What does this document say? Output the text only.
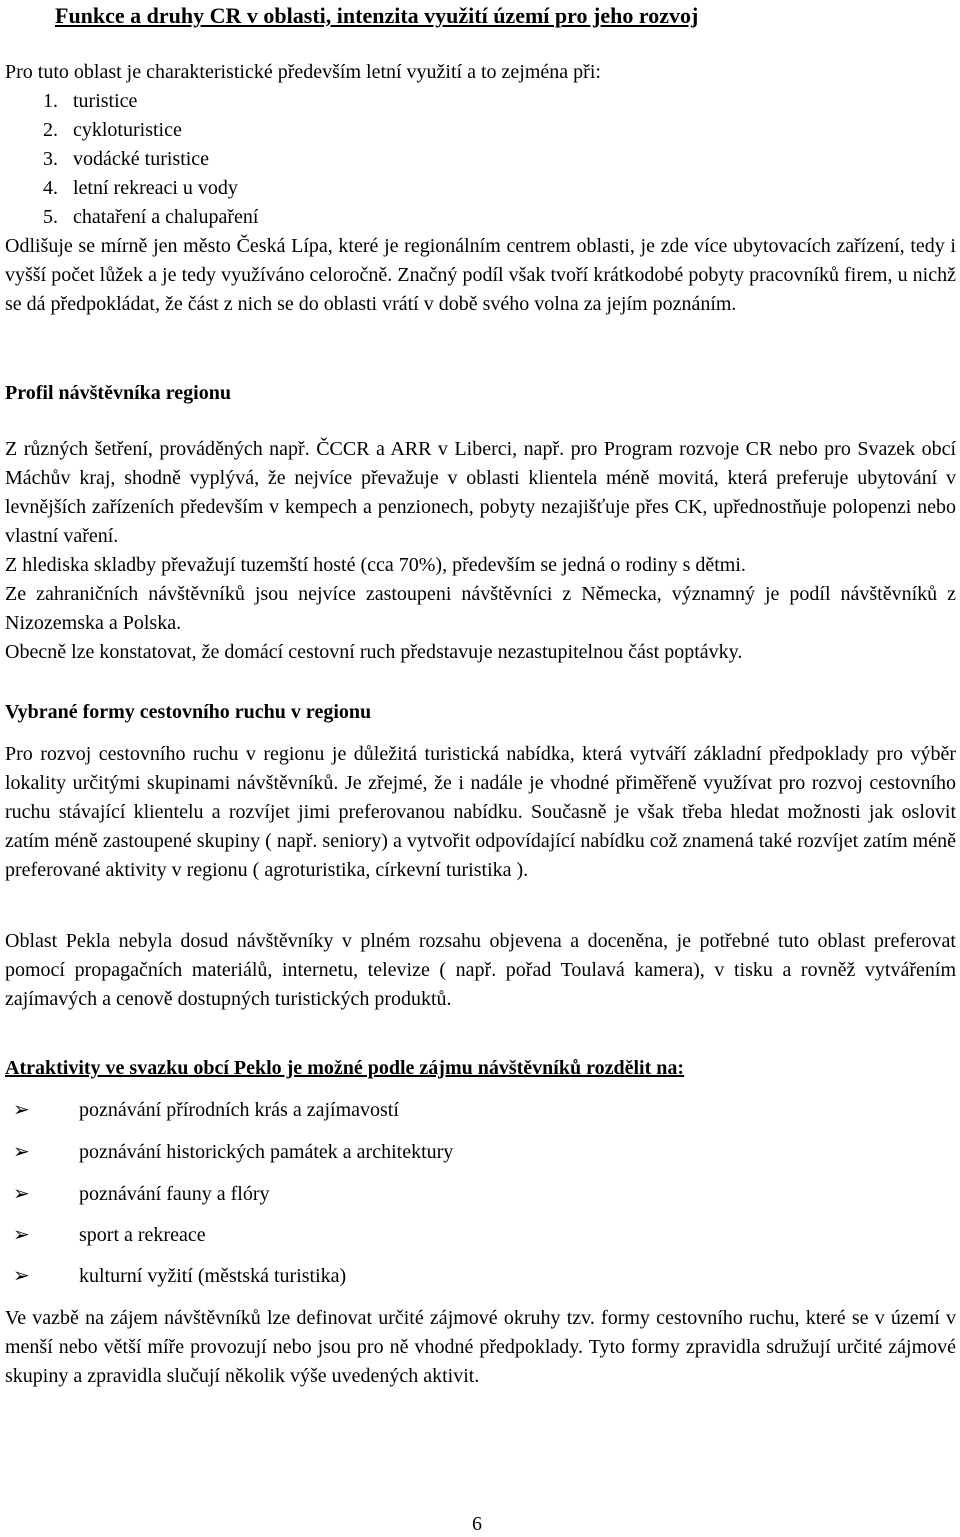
Funkce a druhy CR v oblasti, intenzita využití území pro jeho rozvoj
Pro tuto oblast je charakteristické především letní využití a to zejména při:
1. turistice
2. cykloturistice
3. vodácké turistice
4. letní rekreaci u vody
5. chataření a chalupaření
Odlišuje se mírně jen město Česká Lípa, které je regionálním centrem oblasti, je zde více ubytovacích zařízení, tedy i vyšší počet lůžek a je tedy využíváno celoročně. Značný podíl však tvoří krátkodobé pobyty pracovníků firem, u nichž se dá předpokládat, že část z nich se do oblasti vrátí v době svého volna za jejím poznáním.
Profil návštěvníka regionu
Z různých šetření, prováděných např. ČCCR a ARR v Liberci, např. pro Program rozvoje CR nebo pro Svazek obcí Máchův kraj, shodně vyplývá, že nejvíce převažuje v oblasti klientela méně movitá, která preferuje ubytování v levnějších zařízeních především v kempech a penzionech, pobyty nezajišťuje přes CK, upřednostňuje polopenzi nebo vlastní vaření.
Z hlediska skladby převažují tuzemští hosté (cca 70%), především se jedná o rodiny s dětmi.
Ze zahraničních návštěvníků jsou nejvíce zastoupeni návštěvníci z Německa, významný je podíl návštěvníků z Nizozemska a Polska.
Obecně lze konstatovat, že domácí cestovní ruch představuje nezastupitelnou část poptávky.
Vybrané formy cestovního ruchu v regionu
Pro rozvoj cestovního ruchu v regionu je důležitá turistická nabídka, která vytváří základní předpoklady pro výběr lokality určitými skupinami návštěvníků. Je zřejmé, že i nadále je vhodné přiměřeně využívat pro rozvoj cestovního ruchu stávající klientelu a rozvíjet jimi preferovanou nabídku. Současně je však třeba hledat možnosti jak oslovit zatím méně zastoupené skupiny ( např. seniory) a vytvořit odpovídající nabídku což znamená také rozvíjet zatím méně preferované aktivity v regionu ( agroturistika, církevní turistika ).
Oblast Pekla nebyla dosud návštěvníky v plném rozsahu objevena a doceněna, je potřebné tuto oblast preferovat pomocí propagačních materiálů, internetu, televize ( např. pořad Toulavá kamera), v tisku a rovněž vytvářením zajímavých a cenově dostupných turistických produktů.
Atraktivity ve svazku obcí Peklo je možné podle zájmu návštěvníků rozdělit na:
➢ poznávání přírodních krás a zajímavostí
➢ poznávání historických památek a architektury
➢ poznávání fauny a flóry
➢ sport a rekreace
➢ kulturní vyžití (městská turistika)
Ve vazbě na zájem návštěvníků lze definovat určité zájmové okruhy tzv. formy cestovního ruchu, které se v území v menší nebo větší míře provozují nebo jsou pro ně vhodné předpoklady. Tyto formy zpravidla sdružují určité zájmové skupiny a zpravidla slučují několik výše uvedených aktivit.
6
